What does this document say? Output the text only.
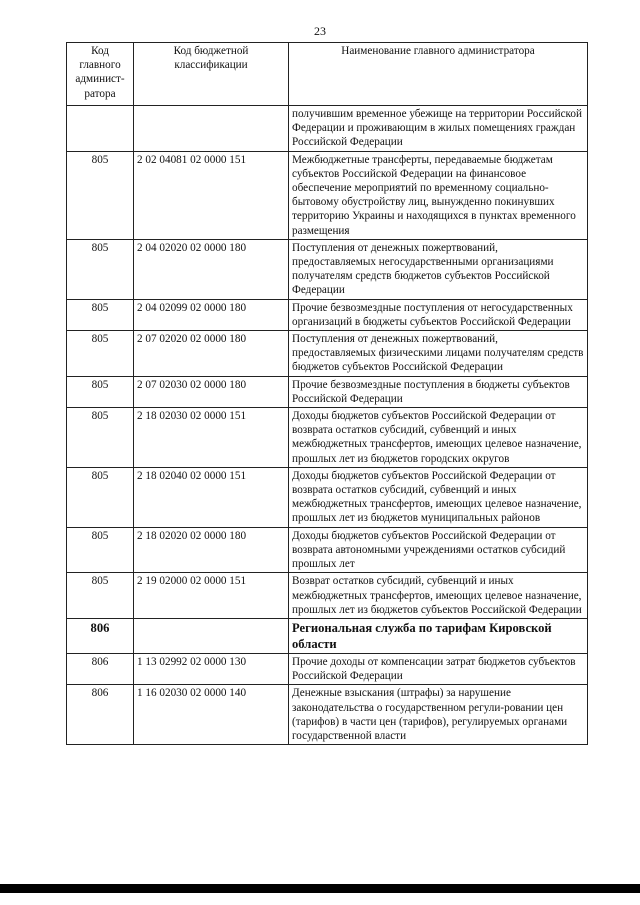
23
Код главного админист-ратора	Код бюджетной классификации	Наименование главного администратора
		получившим временное убежище на территории Российской Федерации и проживающим в жилых помещениях граждан Российской Федерации
805	2 02 04081 02 0000 151	Межбюджетные трансферты, передаваемые бюджетам субъектов Российской Федерации на финансовое обеспечение мероприятий по временному социально-бытовому обустройству лиц, вынужденно покинувших территорию Украины и находящихся в пунктах временного размещения
805	2 04 02020 02 0000 180	Поступления от денежных пожертвований, предоставляемых негосударственными организациями получателям средств бюджетов субъектов Российской Федерации
805	2 04 02099 02 0000 180	Прочие безвозмездные поступления от негосударственных организаций в бюджеты субъектов Российской Федерации
805	2 07 02020 02 0000 180	Поступления от денежных пожертвований, предоставляемых физическими лицами получателям средств бюджетов субъектов Российской Федерации
805	2 07 02030 02 0000 180	Прочие безвозмездные поступления в бюджеты субъектов Российской Федерации
805	2 18 02030 02 0000 151	Доходы бюджетов субъектов Российской Федерации от возврата остатков субсидий, субвенций и иных межбюджетных трансфертов, имеющих целевое назначение, прошлых лет из бюджетов городских округов
805	2 18 02040 02 0000 151	Доходы бюджетов субъектов Российской Федерации от возврата остатков субсидий, субвенций и иных межбюджетных трансфертов, имеющих целевое назначение, прошлых лет из бюджетов муниципальных районов
805	2 18 02020 02 0000 180	Доходы бюджетов субъектов Российской Федерации от возврата автономными учреждениями остатков субсидий прошлых лет
805	2 19 02000 02 0000 151	Возврат остатков субсидий, субвенций и иных межбюджетных трансфертов, имеющих целевое назначение, прошлых лет из бюджетов субъектов Российской Федерации
806		Региональная служба по тарифам Кировской области
806	1 13 02992 02 0000 130	Прочие доходы от компенсации затрат бюджетов субъектов Российской Федерации
806	1 16 02030 02 0000 140	Денежные взыскания (штрафы) за нарушение законодательства о государственном регули-ровании цен (тарифов) в части цен (тарифов), регулируемых органами государственной власти
